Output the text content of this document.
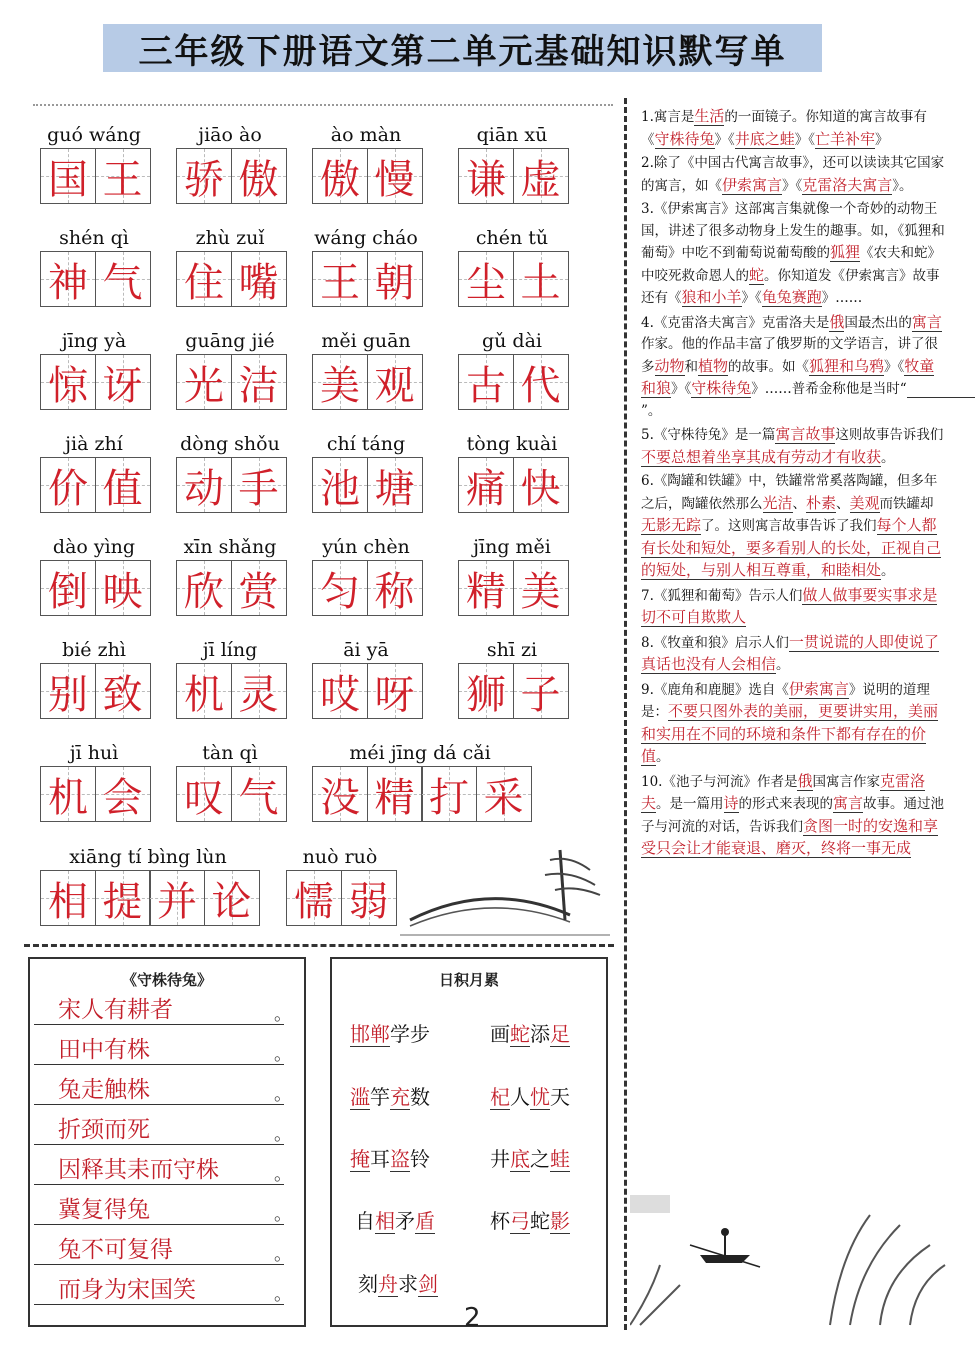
三年级下册语文第二单元基础知识默写单
guó wáng
国 王
jiāo ào
骄 傲
ào màn
傲 慢
qiān xū
谦 虚
shén qì
神 气
zhù zuǐ
住 嘴
wáng cháo
王 朝
chén tǔ
尘 土
jīng yà
惊 讶
guāng jié
光 洁
měi guān
美 观
gǔ dài
古 代
jià zhí
价 值
dòng shǒu
动 手
chí táng
池 塘
tòng kuài
痛 快
dào yìng
倒 映
xīn shǎng
欣 赏
yún chèn
匀 称
jīng měi
精 美
bié zhì
别 致
jī líng
机 灵
āi yā
哎 呀
shī zi
狮 子
jī huì
机 会
tàn qì
叹 气
méi jīng dá cǎi
没 精 打 采
xiāng tí bìng lùn
相 提 并 论
nuò ruò
懦 弱
《守株待兔》
宋人有耕者	。
田中有株	。
兔走触株	。
折颈而死	。
因释其耒而守株	。
冀复得兔	。
兔不可复得	。
而身为宋国笑	。
日积月累
邯郸学步	画蛇添足
滥竽充数	杞人忧天
掩耳盗铃	井底之蛙
自相矛盾	杯弓蛇影
刻舟求剑
1.寓言是生活的一面镜子。你知道的寓言故事有《守株待兔》《井底之蛙》《亡羊补牢》
2.除了《中国古代寓言故事》，还可以读读其它国家的寓言，如《伊索寓言》《克雷洛夫寓言》。
3.《伊索寓言》这部寓言集就像一个奇妙的动物王国，讲述了很多动物身上发生的趣事。如，《狐狸和葡萄》中吃不到葡萄说葡萄酸的狐狸《农夫和蛇》中咬死救命恩人的蛇。你知道发《伊索寓言》故事还有《狼和小羊》《龟兔赛跑》……
4.《克雷洛夫寓言》克雷洛夫是俄国最杰出的寓言作家。他的作品丰富了俄罗斯的文学语言，讲了很多动物和植物的故事。如《狐狸和乌鸦》《牧童和狼》《守株待兔》……普希金称他是当时“　　　　　　”。
5.《守株待兔》是一篇寓言故事这则故事告诉我们不要总想着坐享其成有劳动才有收获。
6.《陶罐和铁罐》中，铁罐常常奚落陶罐，但多年之后，陶罐依然那么光洁、朴素、美观而铁罐却无影无踪了。这则寓言故事告诉了我们每个人都有长处和短处，要多看别人的长处，正视自己的短处，与别人相互尊重，和睦相处。
7.《狐狸和葡萄》告示人们做人做事要实事求是切不可自欺欺人
8.《牧童和狼》启示人们一贯说谎的人即使说了真话也没有人会相信。
9.《鹿角和鹿腿》选自《伊索寓言》说明的道理是：不要只图外表的美丽，更要讲实用，美丽和实用在不同的环境和条件下都有存在的价值。
10.《池子与河流》作者是俄国寓言作家克雷洛夫。是一篇用诗的形式来表现的寓言故事。通过池子与河流的对话，告诉我们贪图一时的安逸和享受只会让才能衰退、磨灭，终将一事无成
2
